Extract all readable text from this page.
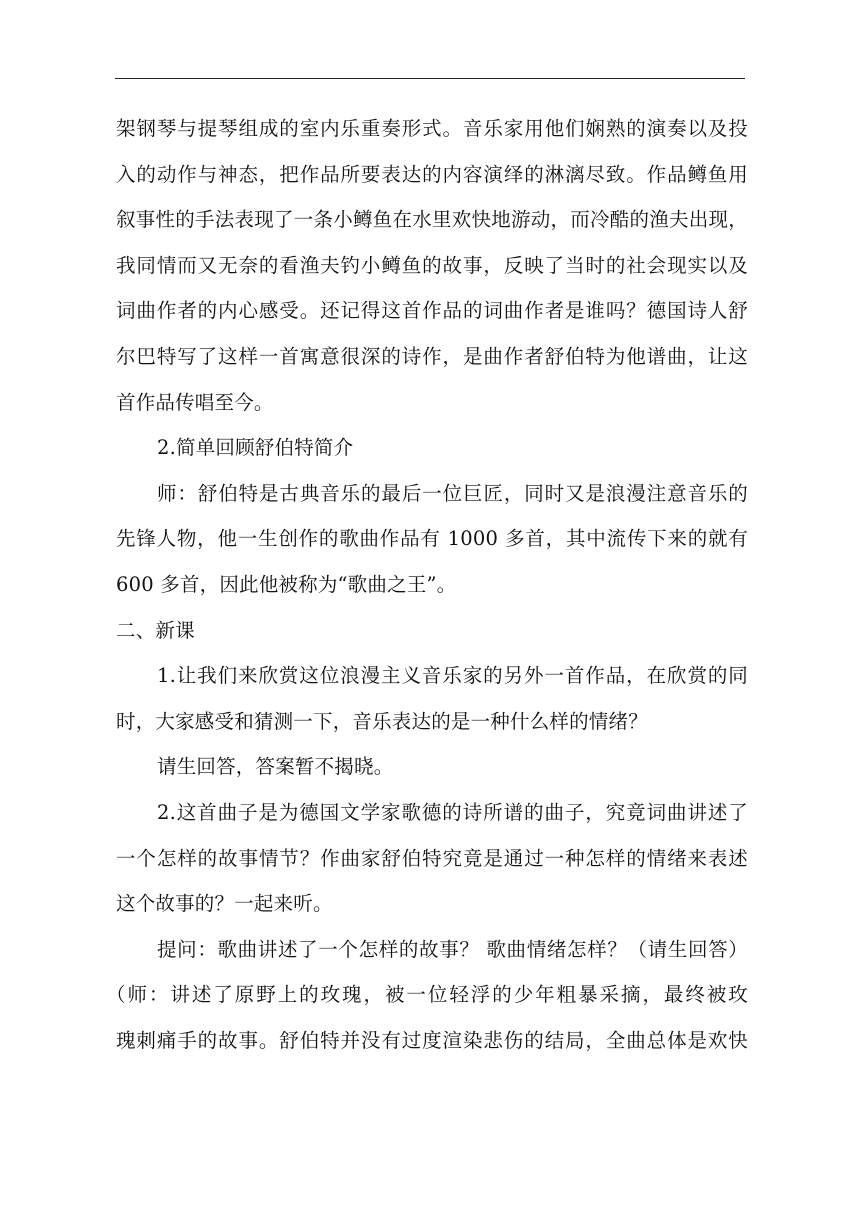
架钢琴与提琴组成的室内乐重奏形式。音乐家用他们娴熟的演奏以及投
入的动作与神态，把作品所要表达的内容演绎的淋漓尽致。作品鳟鱼用
叙事性的手法表现了一条小鳟鱼在水里欢快地游动，而冷酷的渔夫出现，
我同情而又无奈的看渔夫钓小鳟鱼的故事，反映了当时的社会现实以及
词曲作者的内心感受。还记得这首作品的词曲作者是谁吗？德国诗人舒
尔巴特写了这样一首寓意很深的诗作，是曲作者舒伯特为他谱曲，让这
首作品传唱至今。
2.简单回顾舒伯特简介
师：舒伯特是古典音乐的最后一位巨匠，同时又是浪漫注意音乐的
先锋人物，他一生创作的歌曲作品有 1000 多首，其中流传下来的就有
600 多首，因此他被称为“歌曲之王”。
二、新课
1.让我们来欣赏这位浪漫主义音乐家的另外一首作品，在欣赏的同
时，大家感受和猜测一下，音乐表达的是一种什么样的情绪？
请生回答，答案暂不揭晓。
2.这首曲子是为德国文学家歌德的诗所谱的曲子，究竟词曲讲述了
一个怎样的故事情节？作曲家舒伯特究竟是通过一种怎样的情绪来表述
这个故事的？一起来听。
提问：歌曲讲述了一个怎样的故事？ 歌曲情绪怎样？（请生回答）
（师：讲述了原野上的玫瑰，被一位轻浮的少年粗暴采摘，最终被玫
瑰刺痛手的故事。舒伯特并没有过度渲染悲伤的结局，全曲总体是欢快
